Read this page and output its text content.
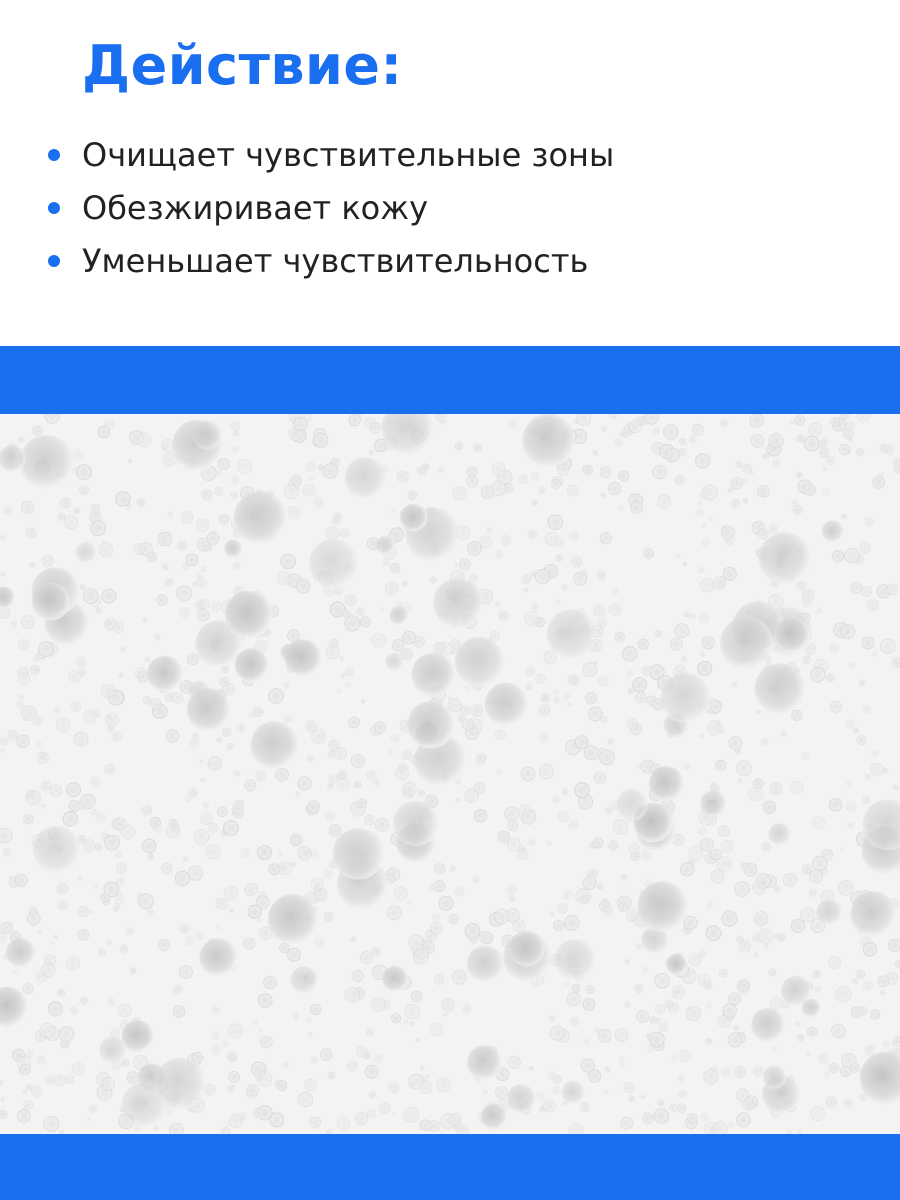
Действие:
Очищает чувствительные зоны
Обезжиривает кожу
Уменьшает чувствительность
